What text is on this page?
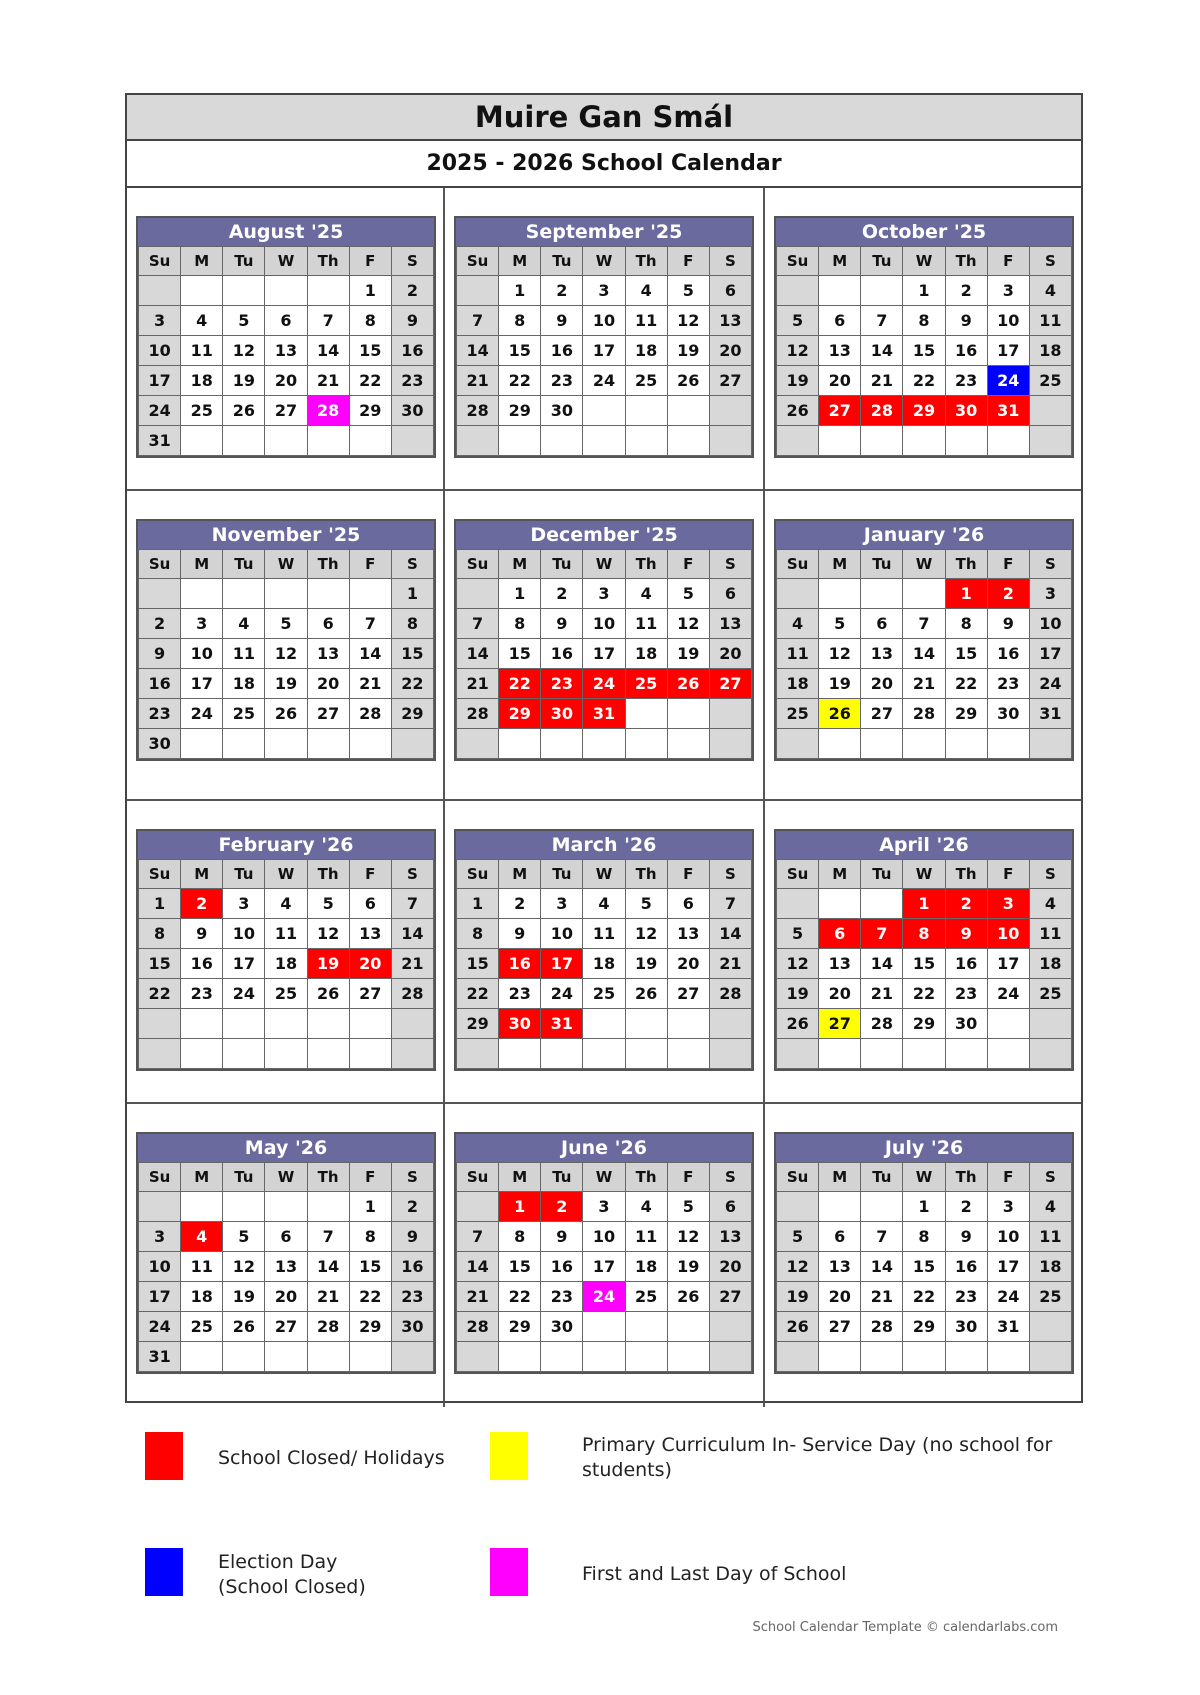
Muire Gan Smál
2025 - 2026 School Calendar
August '25
Su	M	Tu	W	Th	F	S
					1	2
3	4	5	6	7	8	9
10	11	12	13	14	15	16
17	18	19	20	21	22	23
24	25	26	27	28	29	30
31						
September '25
Su	M	Tu	W	Th	F	S
	1	2	3	4	5	6
7	8	9	10	11	12	13
14	15	16	17	18	19	20
21	22	23	24	25	26	27
28	29	30				

October '25
Su	M	Tu	W	Th	F	S
			1	2	3	4
5	6	7	8	9	10	11
12	13	14	15	16	17	18
19	20	21	22	23	24	25
26	27	28	29	30	31	

November '25
Su	M	Tu	W	Th	F	S
						1
2	3	4	5	6	7	8
9	10	11	12	13	14	15
16	17	18	19	20	21	22
23	24	25	26	27	28	29
30						
December '25
Su	M	Tu	W	Th	F	S
	1	2	3	4	5	6
7	8	9	10	11	12	13
14	15	16	17	18	19	20
21	22	23	24	25	26	27
28	29	30	31			

January '26
Su	M	Tu	W	Th	F	S
				1	2	3
4	5	6	7	8	9	10
11	12	13	14	15	16	17
18	19	20	21	22	23	24
25	26	27	28	29	30	31

February '26
Su	M	Tu	W	Th	F	S
1	2	3	4	5	6	7
8	9	10	11	12	13	14
15	16	17	18	19	20	21
22	23	24	25	26	27	28

March '26
Su	M	Tu	W	Th	F	S
1	2	3	4	5	6	7
8	9	10	11	12	13	14
15	16	17	18	19	20	21
22	23	24	25	26	27	28
29	30	31				

April '26
Su	M	Tu	W	Th	F	S
			1	2	3	4
5	6	7	8	9	10	11
12	13	14	15	16	17	18
19	20	21	22	23	24	25
26	27	28	29	30		

May '26
Su	M	Tu	W	Th	F	S
					1	2
3	4	5	6	7	8	9
10	11	12	13	14	15	16
17	18	19	20	21	22	23
24	25	26	27	28	29	30
31						
June '26
Su	M	Tu	W	Th	F	S
	1	2	3	4	5	6
7	8	9	10	11	12	13
14	15	16	17	18	19	20
21	22	23	24	25	26	27
28	29	30				

July '26
Su	M	Tu	W	Th	F	S
			1	2	3	4
5	6	7	8	9	10	11
12	13	14	15	16	17	18
19	20	21	22	23	24	25
26	27	28	29	30	31	

School Closed/ Holidays
Primary Curriculum In- Service Day (no school for students)
Election Day (School Closed)
First and Last Day of School
School Calendar Template © calendarlabs.com
